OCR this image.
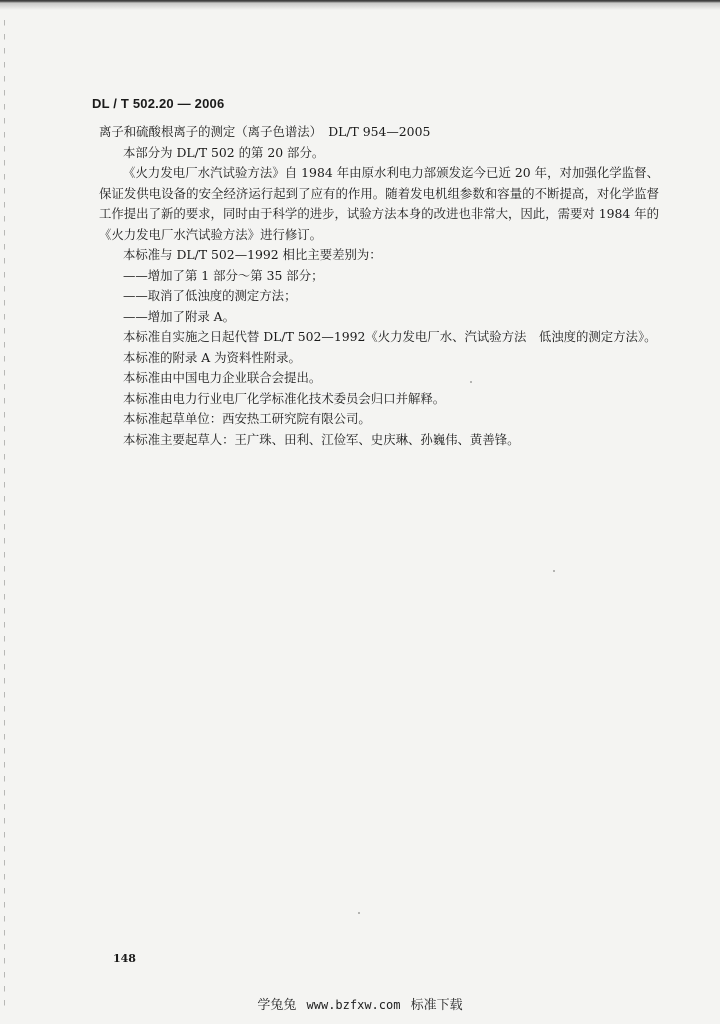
DL / T 502.20 — 2006

离子和硫酸根离子的测定（离子色谱法）　DL/T 954—2005

本部分为 DL/T 502 的第 20 部分。

《火力发电厂水汽试验方法》自 1984 年由原水利电力部颁发迄今已近 20 年，对加强化学监督、保证发供电设备的安全经济运行起到了应有的作用。随着发电机组参数和容量的不断提高，对化学监督工作提出了新的要求，同时由于科学的进步，试验方法本身的改进也非常大，因此，需要对 1984 年的《火力发电厂水汽试验方法》进行修订。

本标准与 DL/T 502—1992 相比主要差别为：

——增加了第 1 部分～第 35 部分；

——取消了低浊度的测定方法；

——增加了附录 A。

本标准自实施之日起代替 DL/T 502—1992《火力发电厂水、汽试验方法　低浊度的测定方法》。

本标准的附录 A 为资料性附录。

本标准由中国电力企业联合会提出。

本标准由电力行业电厂化学标准化技术委员会归口并解释。

本标准起草单位：西安热工研究院有限公司。

本标准主要起草人：王广珠、田利、江俭军、史庆琳、孙巍伟、黄善锋。

148
学兔兔 www.bzfxw.com 标准下载
